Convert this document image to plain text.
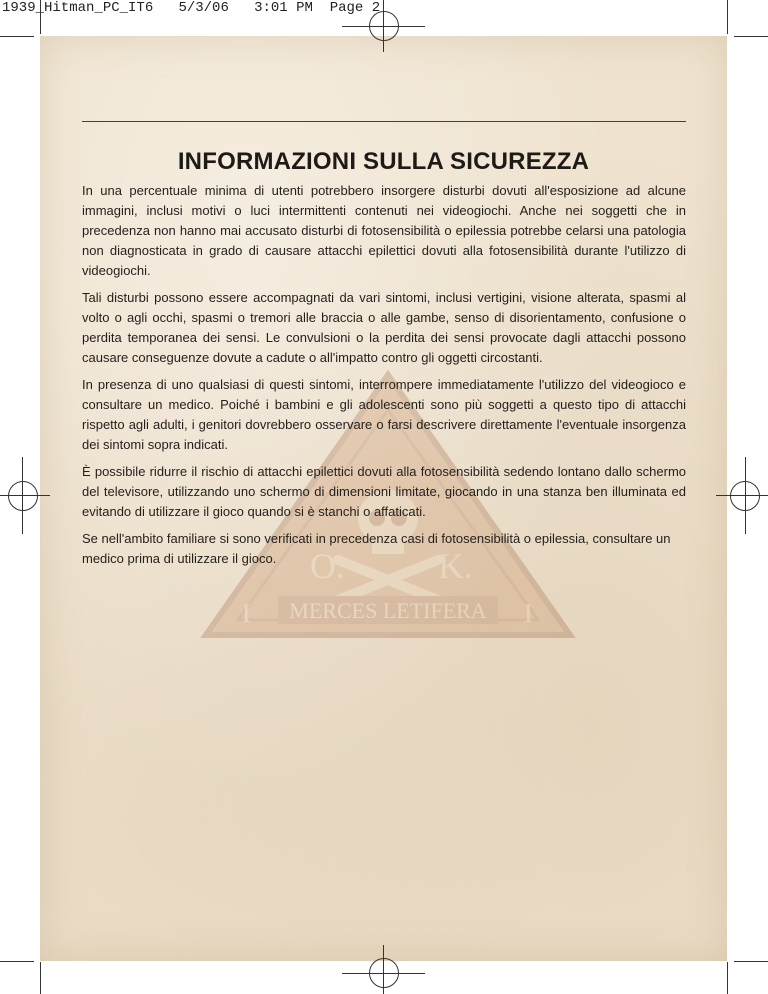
1939_Hitman_PC_IT6 5/3/06 3:01 PM Page 2
O.	K.
MERCES LETIFERA
I	I
INFORMAZIONI SULLA SICUREZZA

In una percentuale minima di utenti potrebbero insorgere disturbi dovuti all'esposizione ad alcune immagini, inclusi motivi o luci intermittenti contenuti nei videogiochi. Anche nei soggetti che in precedenza non hanno mai accusato disturbi di fotosensibilità o epilessia potrebbe celarsi una patologia non diagnosticata in grado di causare attacchi epilettici dovuti alla fotosensibilità durante l'utilizzo di videogiochi.

Tali disturbi possono essere accompagnati da vari sintomi, inclusi vertigini, visione alterata, spasmi al volto o agli occhi, spasmi o tremori alle braccia o alle gambe, senso di disorientamento, confusione o perdita temporanea dei sensi. Le convulsioni o la perdita dei sensi provocate dagli attacchi possono causare conseguenze dovute a cadute o all'impatto contro gli oggetti circostanti.

In presenza di uno qualsiasi di questi sintomi, interrompere immediatamente l'utilizzo del videogioco e consultare un medico. Poiché i bambini e gli adolescenti sono più soggetti a questo tipo di attacchi rispetto agli adulti, i genitori dovrebbero osservare o farsi descrivere direttamente l'eventuale insorgenza dei sintomi sopra indicati.

È possibile ridurre il rischio di attacchi epilettici dovuti alla fotosensibilità sedendo lontano dallo schermo del televisore, utilizzando uno schermo di dimensioni limitate, giocando in una stanza ben illuminata ed evitando di utilizzare il gioco quando si è stanchi o affaticati.

Se nell'ambito familiare si sono verificati in precedenza casi di fotosensibilità o epilessia, consultare un medico prima di utilizzare il gioco.
